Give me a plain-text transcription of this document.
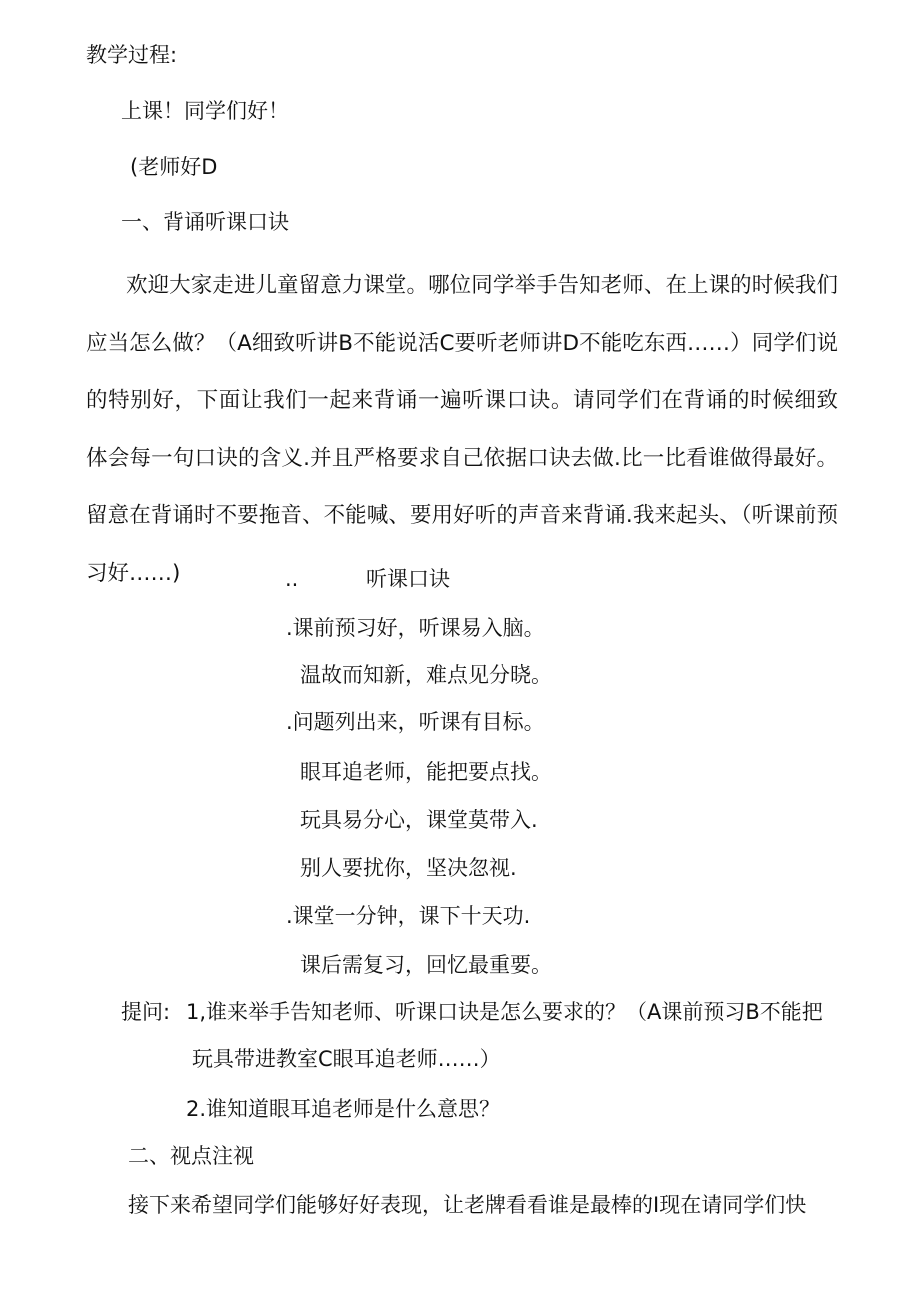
教学过程:
上课！同学们好！
(老师好D
一、背诵听课口诀
欢迎大家走进儿童留意力课堂。哪位同学举手告知老师、在上课的时候我们应当怎么做？（A细致听讲B不能说活C要听老师讲D不能吃东西……）同学们说的特别好，下面让我们一起来背诵一遍听课口诀。请同学们在背诵的时候细致体会每一句口诀的含义.并且严格要求自己依据口诀去做.比一比看谁做得最好。留意在背诵时不要拖音、不能喊、要用好听的声音来背诵.我来起头、（听课前预习好……)	..	听课口诀
.课前预习好，听课易入脑。
温故而知新，难点见分晓。
.问题列出来，听课有目标。
眼耳追老师，能把要点找。
玩具易分心，课堂莫带入.
别人要扰你，坚决忽视.
.课堂一分钟，课下十天功.
课后需复习，回忆最重要。
提问: 1,谁来举手告知老师、听课口诀是怎么要求的？（A课前预习B不能把
玩具带进教室C眼耳追老师……）
2.谁知道眼耳追老师是什么意思？
二、视点注视
接下来希望同学们能够好好表现，让老牌看看谁是最棒的I现在请同学们快
